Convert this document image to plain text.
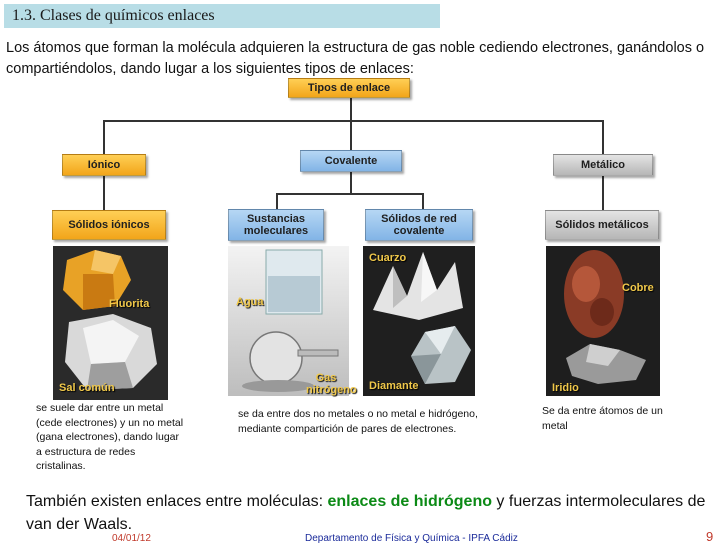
1.3. Clases de químicos enlaces
Los átomos que forman la molécula adquieren la estructura de gas noble cediendo electrones, ganándolos o compartiéndolos, dando lugar a los siguientes tipos de enlaces:
Tipos de enlace
Iónico	Covalente	Metálico
Sólidos iónicos	Sustancias moleculares
Sólidos de red covalente	Sólidos metálicos
Fluorita
Sal común
Agua
Gas nitrógeno
Cuarzo
Diamante
Cobre
Iridio
se suele dar entre un metal (cede electrones) y un no metal (gana electrones), dando lugar a estructura de redes cristalinas.
se da entre dos no metales o no metal e hidrógeno, mediante compartición de pares de electrones.
Se da entre átomos de un metal
También existen enlaces entre moléculas: enlaces de hidrógeno y fuerzas intermoleculares de van der Waals.
04/01/12	Departamento de Física y Química - IPFA Cádiz	9
